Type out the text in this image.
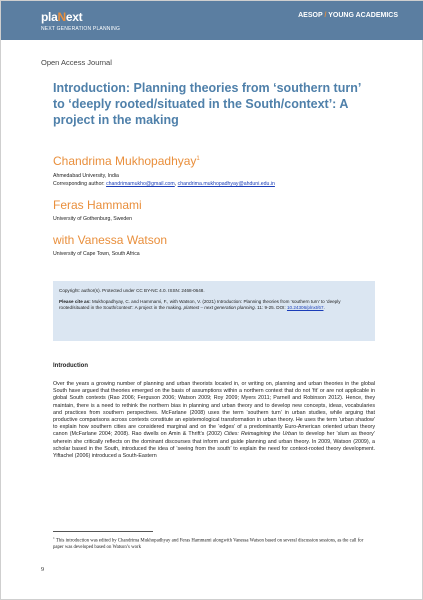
plaNext
NEXT GENERATION PLANNING
AESOP / YOUNG ACADEMICS
Open Access Journal
Introduction: Planning theories from ‘southern turn’ to ‘deeply rooted/situated in the South/context’: A project in the making
Chandrima Mukhopadhyay$^1$
Ahmedabad University, India
Corresponding author: chandrimamukho@gmail.com, chandrima.mukhopadhyay@ahduni.edu.in
Feras Hammami
University of Gothenburg, Sweden
with Vanessa Watson
University of Cape Town, South Africa
Copyright: author(s). Protected under CC BY-NC 4.0. ISSN: 2468-0648.
Please cite as: Mukhopadhyay, C. and Hammami, F., with Watson, V. (2021) Introduction: Planning theories from ‘southern turn’ to ‘deeply rooted/situated in the South/context’: A project in the making. plaNext – next generation planning. 11: 9-25. DOI: 10.24306/plnxt/67.
Introduction

Over the years a growing number of planning and urban theorists located in, or writing on, planning and urban theories in the global South have argued that theories emerged on the basis of assumptions within a northern context that do not ‘fit’ or are not applicable in global South contexts (Rao 2006; Ferguson 2006; Watson 2009; Roy 2009; Myers 2011; Parnell and Robinson 2012). Hence, they maintain, there is a need to rethink the northern bias in planning and urban theory and to develop new concepts, ideas, vocabularies and practices from southern perspectives. McFarlane (2008) uses the term ‘southern turn’ in urban studies, while arguing that productive comparisons across contexts constitute an epistemological transformation in urban theory. He uses the term ‘urban shadow’ to explain how southern cities are considered marginal and on the ‘edges’ of a predominantly Euro-American oriented urban theory canon (McFarlane 2004; 2008). Rao dwells on Amin & Thrift’s (2002) Cities: Reimagining the Urban to develop her ‘slum as theory’ wherein she critically reflects on the dominant discourses that inform and guide planning and urban theory. In 2009, Watson (2009), a scholar based in the South, introduced the idea of ‘seeing from the south’ to explain the need for context-rooted theory development. Yiftachel (2006) introduced a South-Eastern

$^1$ This introduction was edited by Chandrima Mukhopadhyay and Feras Hammami alongwith Vanessa Watson based on several discussion sessions, as the call for paper was developed based on Watson’s work
9
